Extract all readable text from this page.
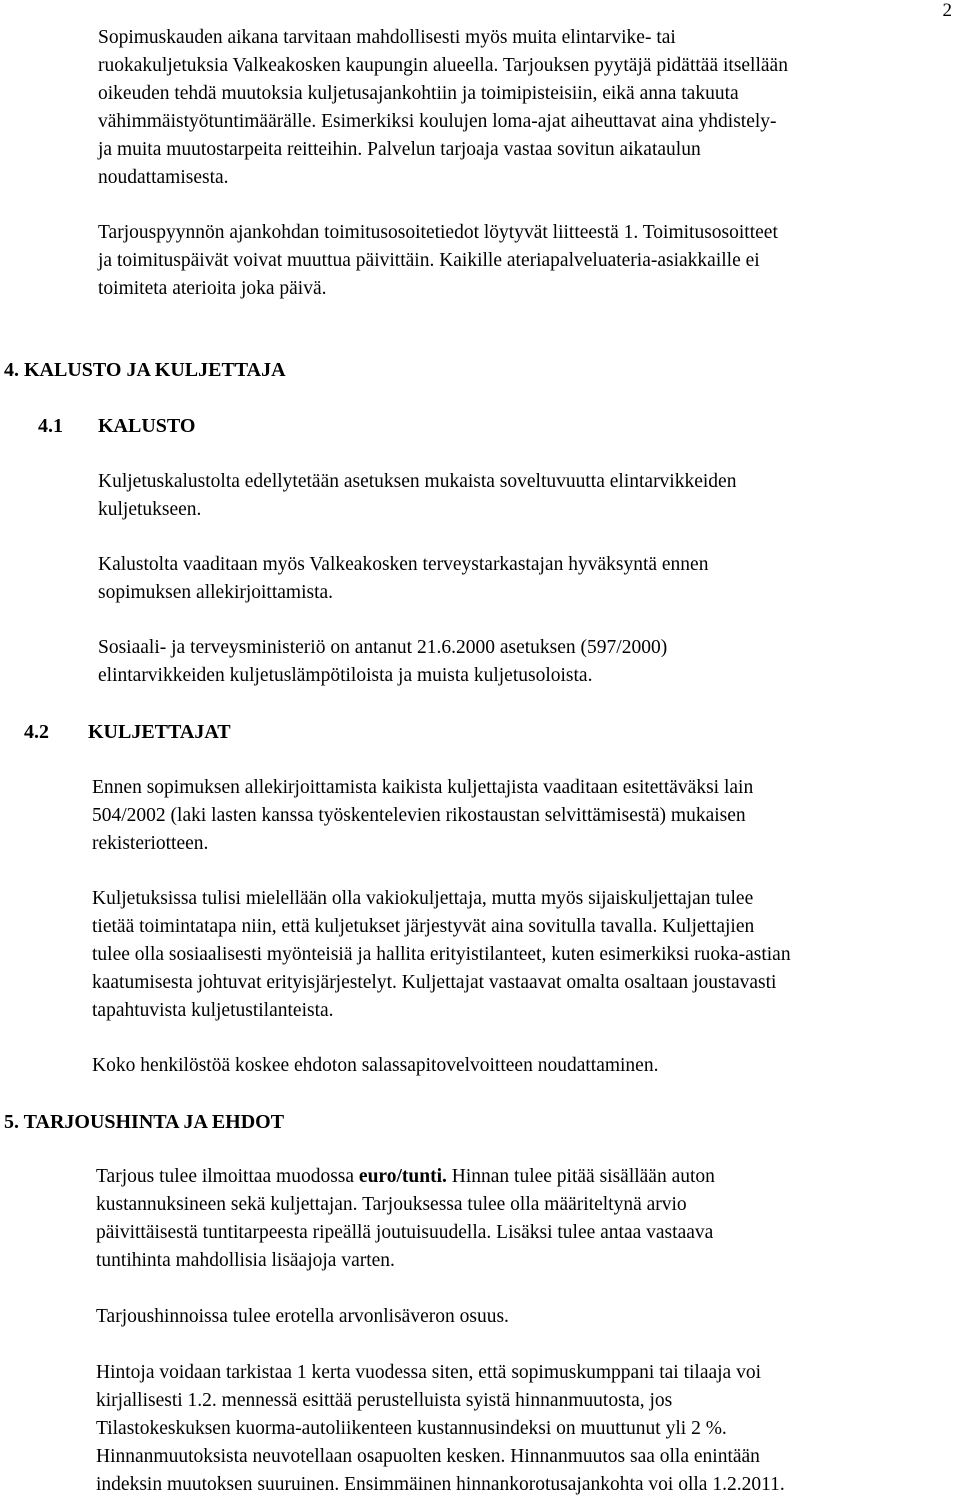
2
Sopimuskauden aikana tarvitaan mahdollisesti myös muita elintarvike- tai
ruokakuljetuksia Valkeakosken kaupungin alueella. Tarjouksen pyytäjä pidättää itsellään
oikeuden tehdä muutoksia kuljetusajankohtiin ja toimipisteisiin, eikä anna takuuta
vähimmäistyötuntimäärälle. Esimerkiksi koulujen loma-ajat aiheuttavat aina yhdistely-
ja muita muutostarpeita reitteihin. Palvelun tarjoaja vastaa sovitun aikataulun
noudattamisesta.
Tarjouspyynnön ajankohdan toimitusosoitetiedot löytyvät liitteestä 1. Toimitusosoitteet
ja toimituspäivät voivat muuttua päivittäin. Kaikille ateriapalveluateria-asiakkaille ei
toimiteta aterioita joka päivä.
4. KALUSTO JA KULJETTAJA
4.1 KALUSTO
Kuljetuskalustolta edellytetään asetuksen mukaista soveltuvuutta elintarvikkeiden
kuljetukseen.
Kalustolta vaaditaan myös Valkeakosken terveystarkastajan hyväksyntä ennen
sopimuksen allekirjoittamista.
Sosiaali- ja terveysministeriö on antanut 21.6.2000 asetuksen (597/2000)
elintarvikkeiden kuljetuslämpötiloista ja muista kuljetusoloista.
4.2 KULJETTAJAT
Ennen sopimuksen allekirjoittamista kaikista kuljettajista vaaditaan esitettäväksi lain
504/2002 (laki lasten kanssa työskentelevien rikostaustan selvittämisestä) mukaisen
rekisteriotteen.
Kuljetuksissa tulisi mielellään olla vakiokuljettaja, mutta myös sijaiskuljettajan tulee
tietää toimintatapa niin, että kuljetukset järjestyvät aina sovitulla tavalla. Kuljettajien
tulee olla sosiaalisesti myönteisiä ja hallita erityistilanteet, kuten esimerkiksi ruoka-astian
kaatumisesta johtuvat erityisjärjestelyt. Kuljettajat vastaavat omalta osaltaan joustavasti
tapahtuvista kuljetustilanteista.
Koko henkilöstöä koskee ehdoton salassapitovelvoitteen noudattaminen.
5. TARJOUSHINTA JA EHDOT
Tarjous tulee ilmoittaa muodossa euro/tunti. Hinnan tulee pitää sisällään auton
kustannuksineen sekä kuljettajan. Tarjouksessa tulee olla määriteltynä arvio
päivittäisestä tuntitarpeesta ripeällä joutuisuudella. Lisäksi tulee antaa vastaava
tuntihinta mahdollisia lisäajoja varten.
Tarjoushinnoissa tulee erotella arvonlisäveron osuus.
Hintoja voidaan tarkistaa 1 kerta vuodessa siten, että sopimuskumppani tai tilaaja voi
kirjallisesti 1.2. mennessä esittää perustelluista syistä hinnanmuutosta, jos
Tilastokeskuksen kuorma-autoliikenteen kustannusindeksi on muuttunut yli 2 %.
Hinnanmuutoksista neuvotellaan osapuolten kesken. Hinnanmuutos saa olla enintään
indeksin muutoksen suuruinen. Ensimmäinen hinnankorotusajankohta voi olla 1.2.2011.
